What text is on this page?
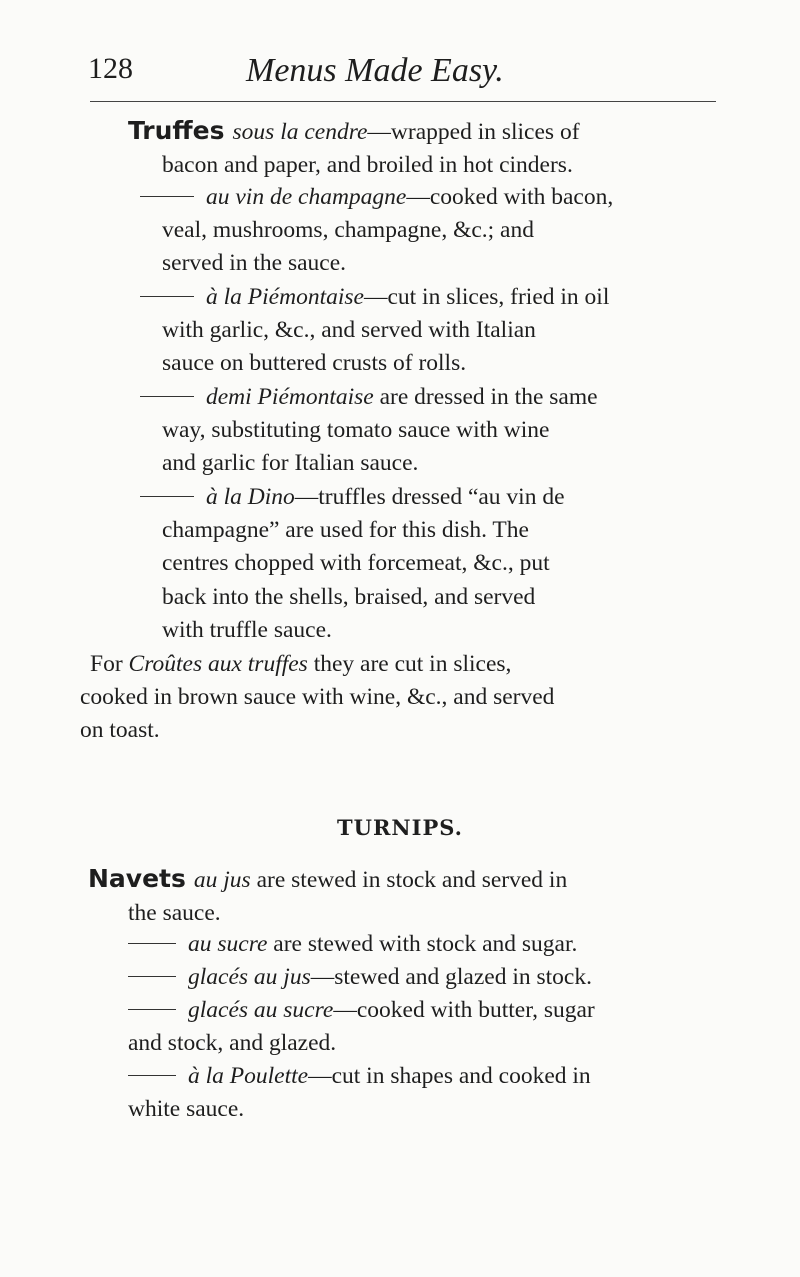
128	Menus Made Easy.
Truffes sous la cendre—wrapped in slices of
bacon and paper, and broiled in hot cinders.
au vin de champagne—cooked with bacon,
veal, mushrooms, champagne, &c.; and
served in the sauce.
à la Piémontaise—cut in slices, fried in oil
with garlic, &c., and served with Italian
sauce on buttered crusts of rolls.
demi Piémontaise are dressed in the same
way, substituting tomato sauce with wine
and garlic for Italian sauce.
à la Dino—truffles dressed “au vin de
champagne” are used for this dish. The
centres chopped with forcemeat, &c., put
back into the shells, braised, and served
with truffle sauce.
For Croûtes aux truffes they are cut in slices,
cooked in brown sauce with wine, &c., and served
on toast.
TURNIPS.
Navets au jus are stewed in stock and served in
the sauce.
au sucre are stewed with stock and sugar.
glacés au jus—stewed and glazed in stock.
glacés au sucre—cooked with butter, sugar
and stock, and glazed.
à la Poulette—cut in shapes and cooked in
white sauce.
